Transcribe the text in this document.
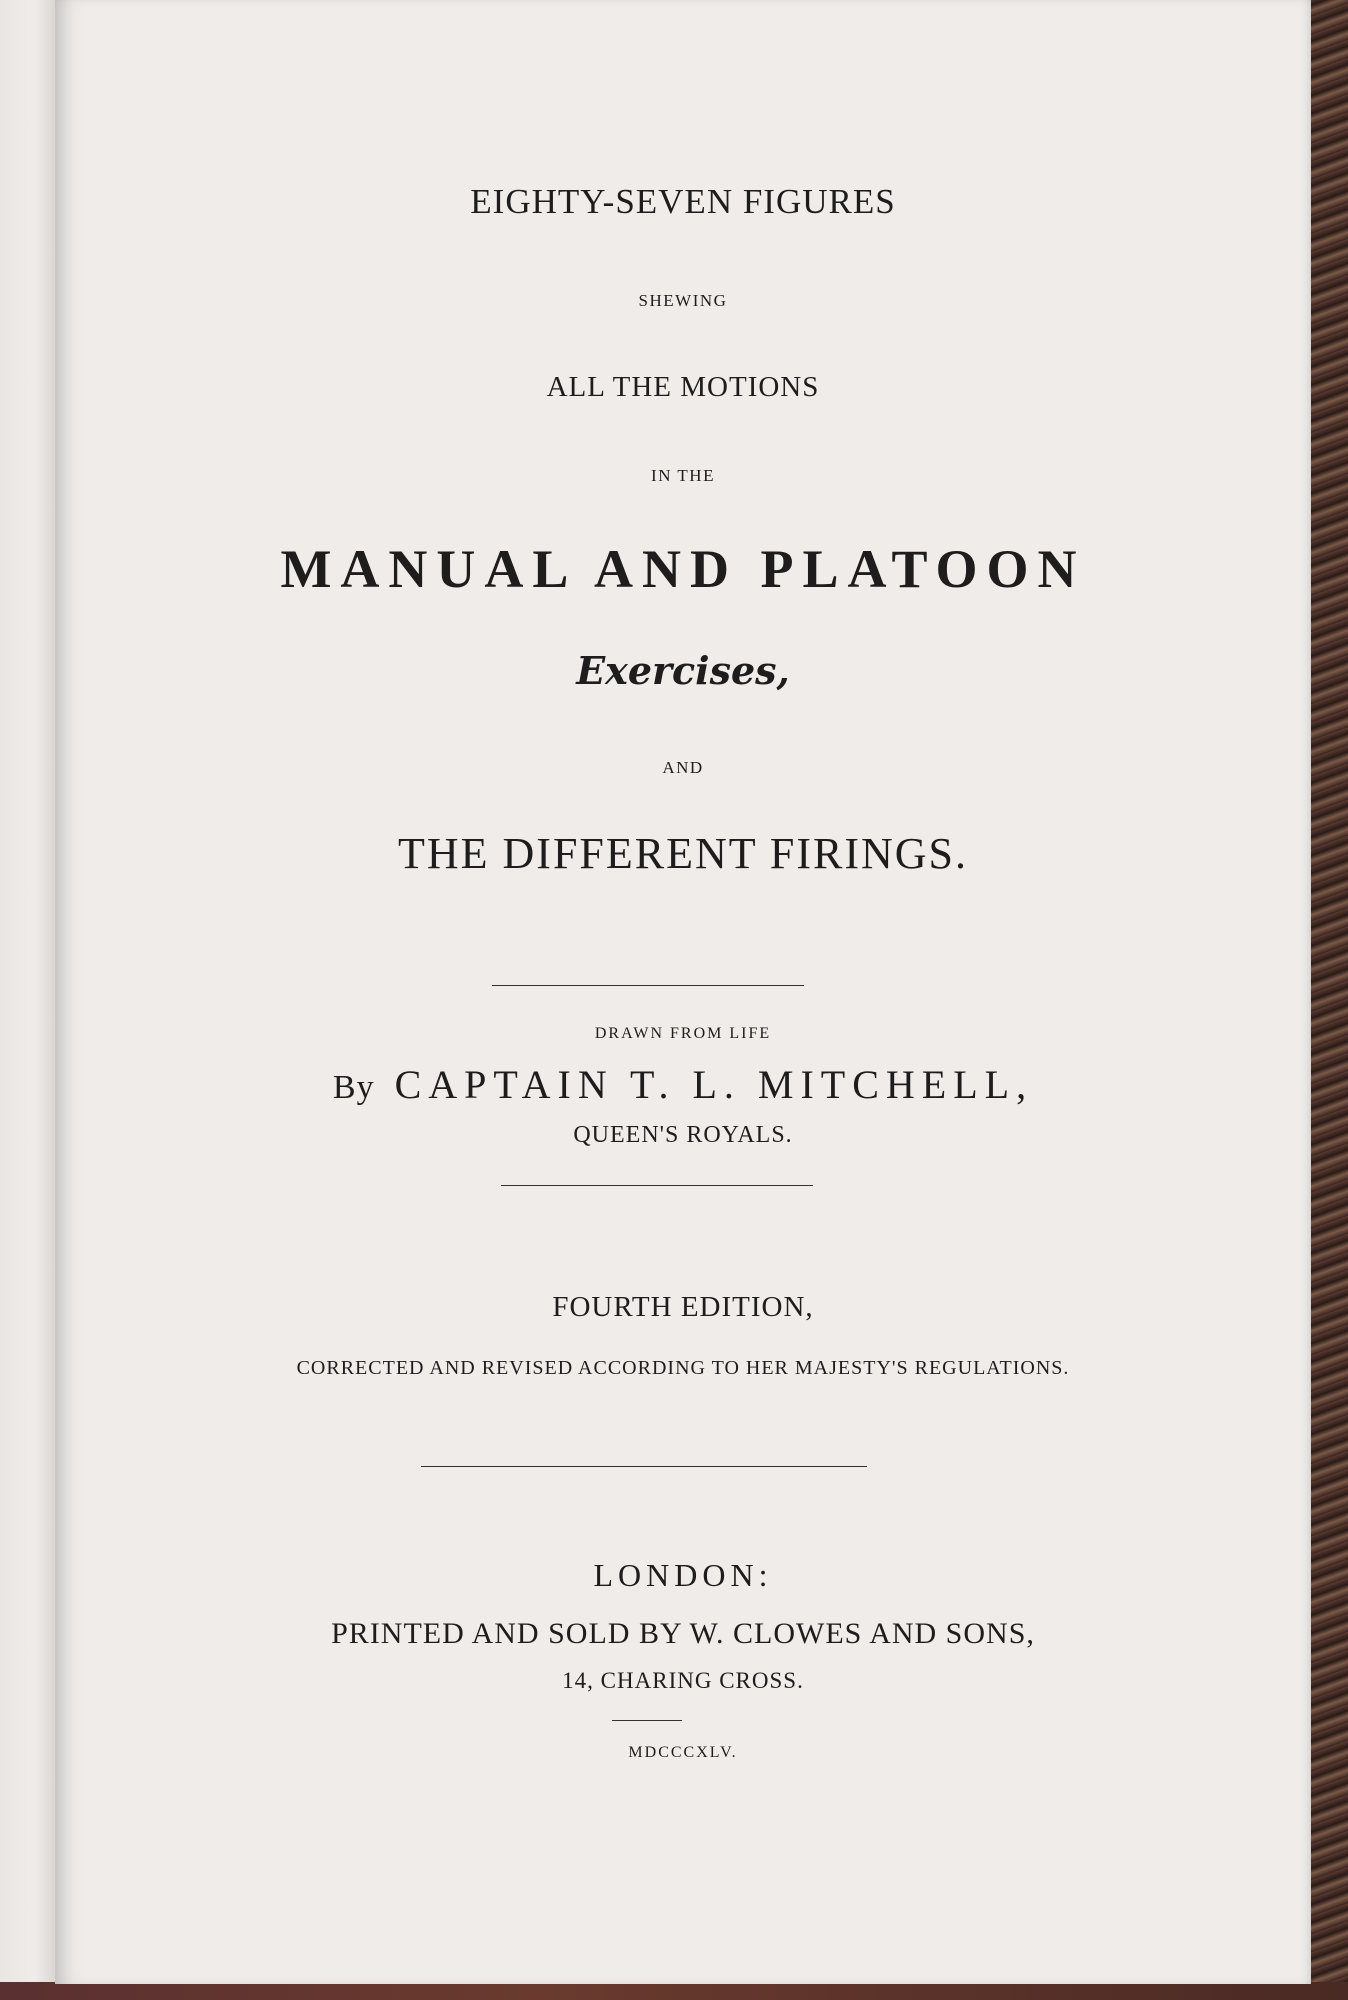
EIGHTY-SEVEN FIGURES
SHEWING
ALL THE MOTIONS
IN THE
MANUAL AND PLATOON
Exercises,
AND
THE DIFFERENT FIRINGS.
DRAWN FROM LIFE
By CAPTAIN T. L. MITCHELL,
QUEEN'S ROYALS.
FOURTH EDITION,
CORRECTED AND REVISED ACCORDING TO HER MAJESTY'S REGULATIONS.
LONDON:
PRINTED AND SOLD BY W. CLOWES AND SONS,
14, CHARING CROSS.
MDCCCXLV.
